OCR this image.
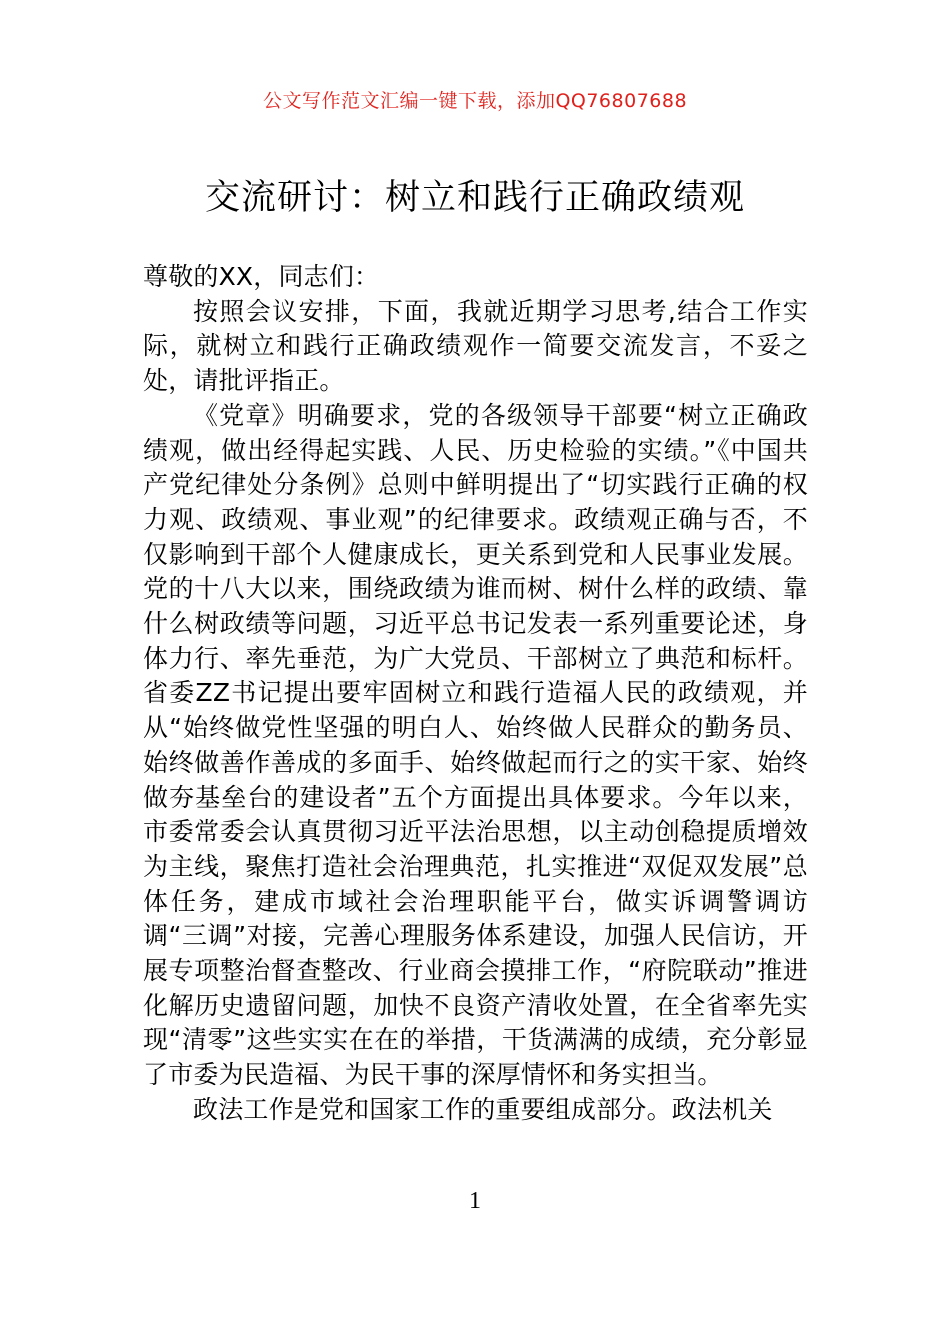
公文写作范文汇编一键下载，添加QQ76807688
交流研讨：树立和践行正确政绩观

尊敬的XX，同志们：

按照会议安排，下面，我就近期学习思考,结合工作实际，就树立和践行正确政绩观作一简要交流发言，不妥之处，请批评指正。

《党章》明确要求，党的各级领导干部要“树立正确政绩观，做出经得起实践、人民、历史检验的实绩。”《中国共产党纪律处分条例》总则中鲜明提出了“切实践行正确的权力观、政绩观、事业观”的纪律要求。政绩观正确与否，不仅影响到干部个人健康成长，更关系到党和人民事业发展。党的十八大以来，围绕政绩为谁而树、树什么样的政绩、靠什么树政绩等问题，习近平总书记发表一系列重要论述，身体力行、率先垂范，为广大党员、干部树立了典范和标杆。省委ZZ书记提出要牢固树立和践行造福人民的政绩观，并从“始终做党性坚强的明白人、始终做人民群众的勤务员、始终做善作善成的多面手、始终做起而行之的实干家、始终做夯基垒台的建设者”五个方面提出具体要求。今年以来，市委常委会认真贯彻习近平法治思想，以主动创稳提质增效为主线，聚焦打造社会治理典范，扎实推进“双促双发展”总体任务，建成市域社会治理职能平台，做实诉调警调访调“三调”对接，完善心理服务体系建设，加强人民信访，开展专项整治督查整改、行业商会摸排工作，“府院联动”推进化解历史遗留问题，加快不良资产清收处置，在全省率先实现“清零”这些实实在在的举措，干货满满的成绩，充分彰显了市委为民造福、为民干事的深厚情怀和务实担当。

政法工作是党和国家工作的重要组成部分。政法机关

1
